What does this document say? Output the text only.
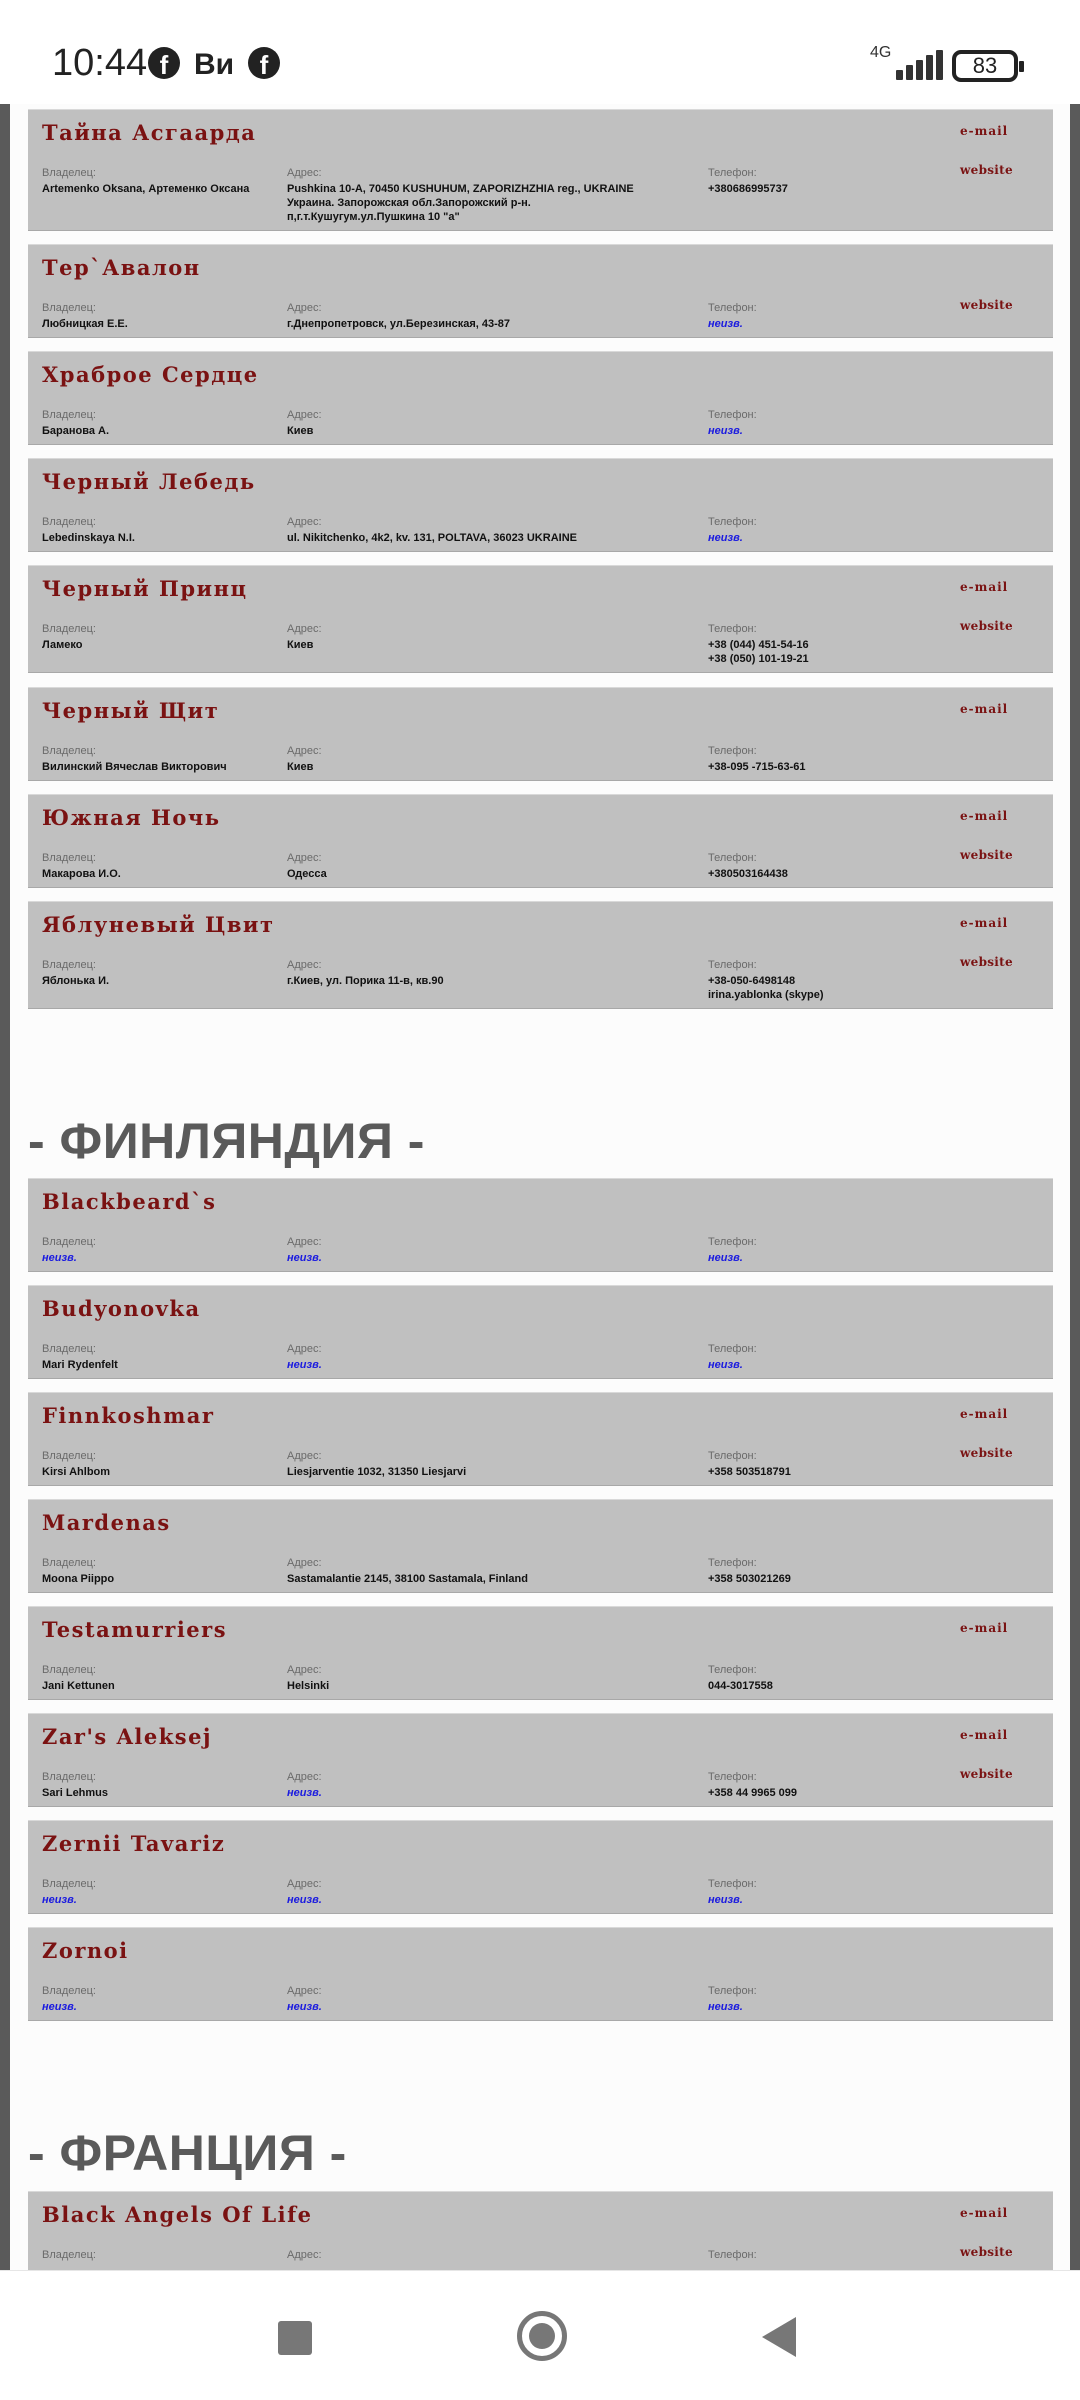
10:44 f Ви f	4G
83
- ФИНЛЯНДИЯ -
- ФРАНЦИЯ -
Тайна Асгаарда	e-mail
website
Владелец:
Artemenko Oksana, Артеменко Оксана
Адрес:
Pushkina 10-A, 70450 KUSHUHUM, ZAPORIZHZHIA reg., UKRAINE
Украина. Запорожская обл.Запорожский р-н.
п,г.т.Кушугум.ул.Пушкина 10 "а"
Телефон:
+380686995737
Тер`Авалон
website
Владелец:
Любницкая Е.Е.
Адрес:
г.Днепропетровск, ул.Березинская, 43-87
Телефон:
неизв.
Храброе Сердце
Владелец:
Баранова А.
Адрес:
Киев
Телефон:
неизв.
Черный Лебедь
Владелец:
Lebedinskaya N.I.
Адрес:
ul. Nikitchenko, 4k2, kv. 131, POLTAVA, 36023 UKRAINE
Телефон:
неизв.
Черный Принц	e-mail
website
Владелец:
Ламеко
Адрес:
Киев
Телефон:
+38 (044) 451-54-16
+38 (050) 101-19-21
Черный Щит	e-mail
Владелец:
Вилинский Вячеслав Викторович
Адрес:
Киев
Телефон:
+38-095 -715-63-61
Южная Ночь	e-mail
website
Владелец:
Макарова И.О.
Адрес:
Одесса
Телефон:
+380503164438
Яблуневый Цвит	e-mail
website
Владелец:
Яблонька И.
Адрес:
г.Киев, ул. Порика 11-в, кв.90
Телефон:
+38-050-6498148
irina.yablonka (skype)
Blackbeard`s
Владелец:
неизв.
Адрес:
неизв.
Телефон:
неизв.
Budyonovka
Владелец:
Mari Rydenfelt
Адрес:
неизв.
Телефон:
неизв.
Finnkoshmar	e-mail
website
Владелец:
Kirsi Ahlbom
Адрес:
Liesjarventie 1032, 31350 Liesjarvi
Телефон:
+358 503518791
Mardenas
Владелец:
Moona Piippo
Адрес:
Sastamalantie 2145, 38100 Sastamala, Finland
Телефон:
+358 503021269
Testamurriers	e-mail
Владелец:
Jani Kettunen
Адрес:
Helsinki
Телефон:
044-3017558
Zar's Aleksej	e-mail
website
Владелец:
Sari Lehmus
Адрес:
неизв.
Телефон:
+358 44 9965 099
Zernii Tavariz
Владелец:
неизв.
Адрес:
неизв.
Телефон:
неизв.
Zornoi
Владелец:
неизв.
Адрес:
неизв.
Телефон:
неизв.
Black Angels Of Life	e-mail
website
Владелец:	Адрес:	Телефон:
